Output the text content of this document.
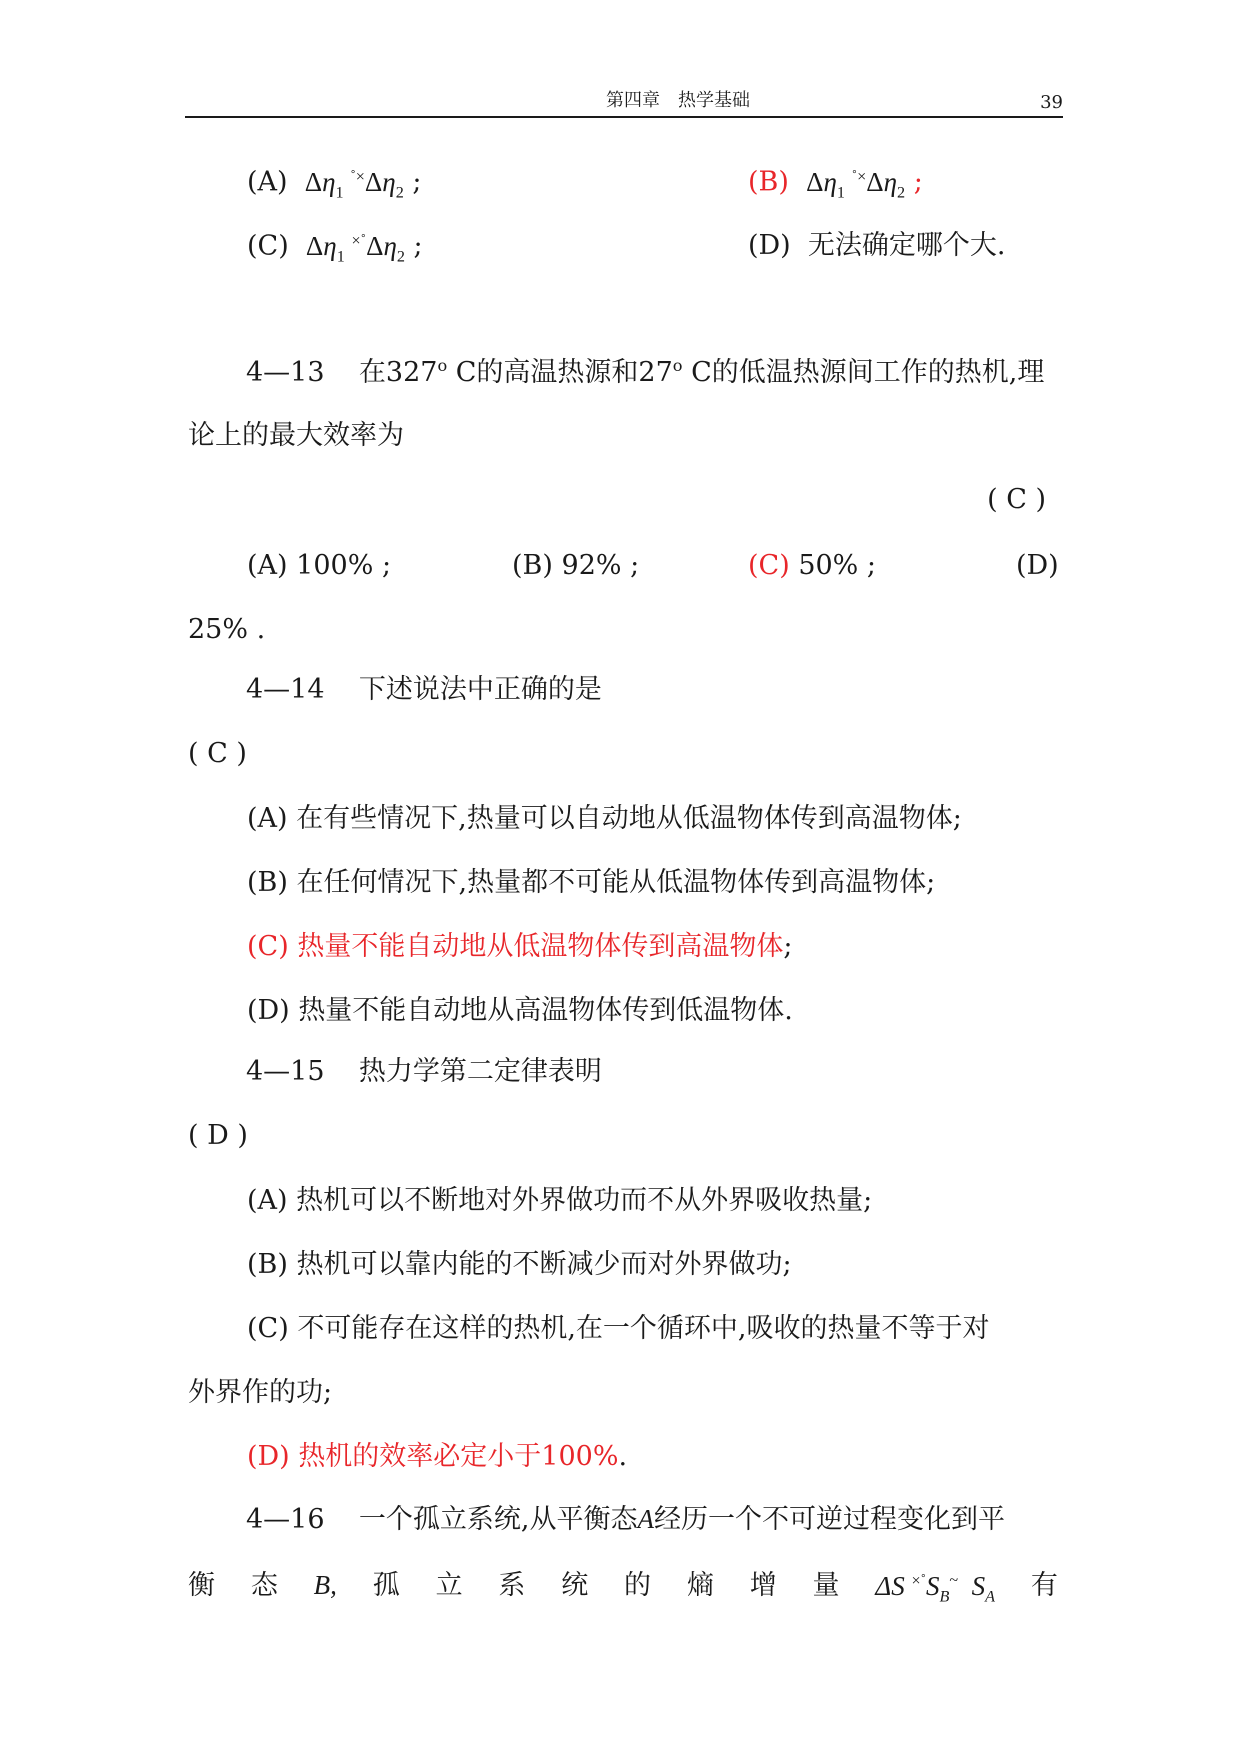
第四章　热学基础	39
(A) $\Delta\eta_1$ $^{˚\times}\Delta\eta_2$ ;	(B) $\Delta\eta_1$ $^{˚\times}\Delta\eta_2$ ;
(C) $\Delta\eta_1$ $^{\times˚}\Delta\eta_2$ ;	(D) 无法确定哪个大.
4—13 在327$^o$ C的高温热源和27$^o$ C的低温热源间工作的热机,理
论上的最大效率为
( C )
(A) 100% ;	(B) 92% ;	(C) 50% ;	(D)
25% .
4—14 下述说法中正确的是
( C )
(A) 在有些情况下,热量可以自动地从低温物体传到高温物体;
(B) 在任何情况下,热量都不可能从低温物体传到高温物体;
(C) 热量不能自动地从低温物体传到高温物体;
(D) 热量不能自动地从高温物体传到低温物体.
4—15 热力学第二定律表明
( D )
(A) 热机可以不断地对外界做功而不从外界吸收热量;
(B) 热机可以靠内能的不断减少而对外界做功;
(C) 不可能存在这样的热机,在一个循环中,吸收的热量不等于对
外界作的功;
(D) 热机的效率必定小于100%.
4—16 一个孤立系统,从平衡态A经历一个不可逆过程变化到平
衡 态 B, 孤 立 系 统 的 熵 增 量 ΔS $^{\times˚}S_B^\sim$ $S_A$ 有
